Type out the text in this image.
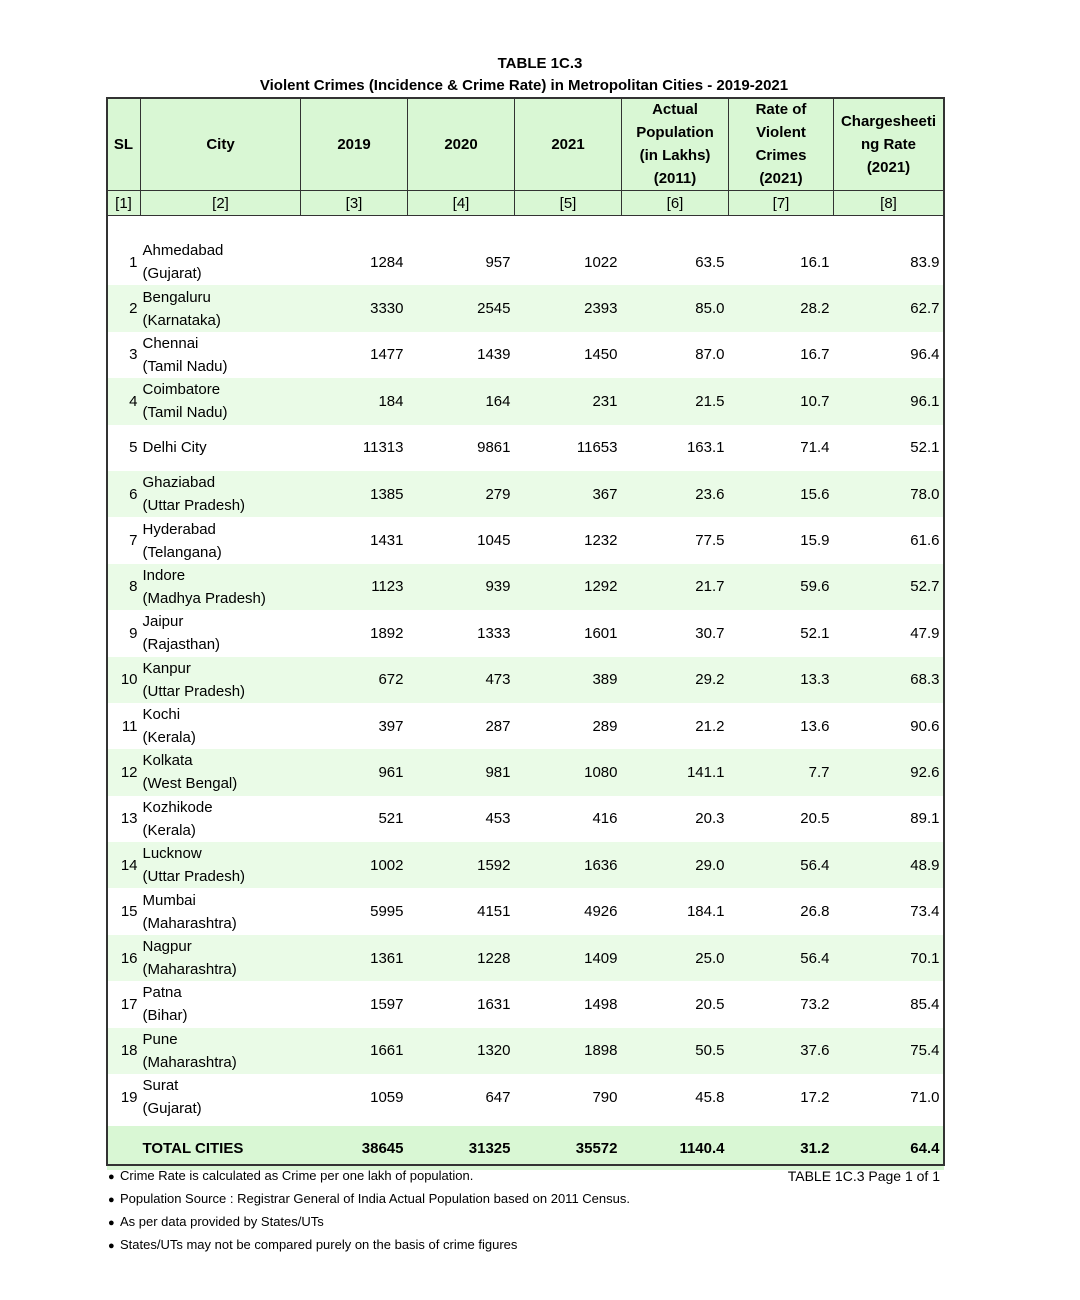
TABLE 1C.3
Violent Crimes (Incidence & Crime Rate) in Metropolitan Cities - 2019-2021
SL	City	2019	2020	2021	Actual
Population
(in Lakhs)
(2011)	Rate of
Violent
Crimes
(2021)	Chargesheeti
ng Rate
(2021)
[1]	[2]	[3]	[4]	[5]	[6]	[7]	[8]

1	Ahmedabad
(Gujarat)	1284	957	1022	63.5	16.1	83.9
2	Bengaluru
(Karnataka)	3330	2545	2393	85.0	28.2	62.7
3	Chennai
(Tamil Nadu)	1477	1439	1450	87.0	16.7	96.4
4	Coimbatore
(Tamil Nadu)	184	164	231	21.5	10.7	96.1
5	Delhi City	11313	9861	11653	163.1	71.4	52.1
6	Ghaziabad
(Uttar Pradesh)	1385	279	367	23.6	15.6	78.0
7	Hyderabad
(Telangana)	1431	1045	1232	77.5	15.9	61.6
8	Indore
(Madhya Pradesh)	1123	939	1292	21.7	59.6	52.7
9	Jaipur
(Rajasthan)	1892	1333	1601	30.7	52.1	47.9
10	Kanpur
(Uttar Pradesh)	672	473	389	29.2	13.3	68.3
11	Kochi
(Kerala)	397	287	289	21.2	13.6	90.6
12	Kolkata
(West Bengal)	961	981	1080	141.1	7.7	92.6
13	Kozhikode
(Kerala)	521	453	416	20.3	20.5	89.1
14	Lucknow
(Uttar Pradesh)	1002	1592	1636	29.0	56.4	48.9
15	Mumbai
(Maharashtra)	5995	4151	4926	184.1	26.8	73.4
16	Nagpur
(Maharashtra)	1361	1228	1409	25.0	56.4	70.1
17	Patna
(Bihar)	1597	1631	1498	20.5	73.2	85.4
18	Pune
(Maharashtra)	1661	1320	1898	50.5	37.6	75.4
19	Surat
(Gujarat)	1059	647	790	45.8	17.2	71.0

	TOTAL CITIES	38645	31325	35572	1140.4	31.2	64.4
● Crime Rate is calculated as Crime per one lakh of population.
● Population Source : Registrar General of India Actual Population based on 2011 Census.
● As per data provided by States/UTs
● States/UTs may not be compared purely on the basis of crime figures
TABLE 1C.3 Page 1 of 1
